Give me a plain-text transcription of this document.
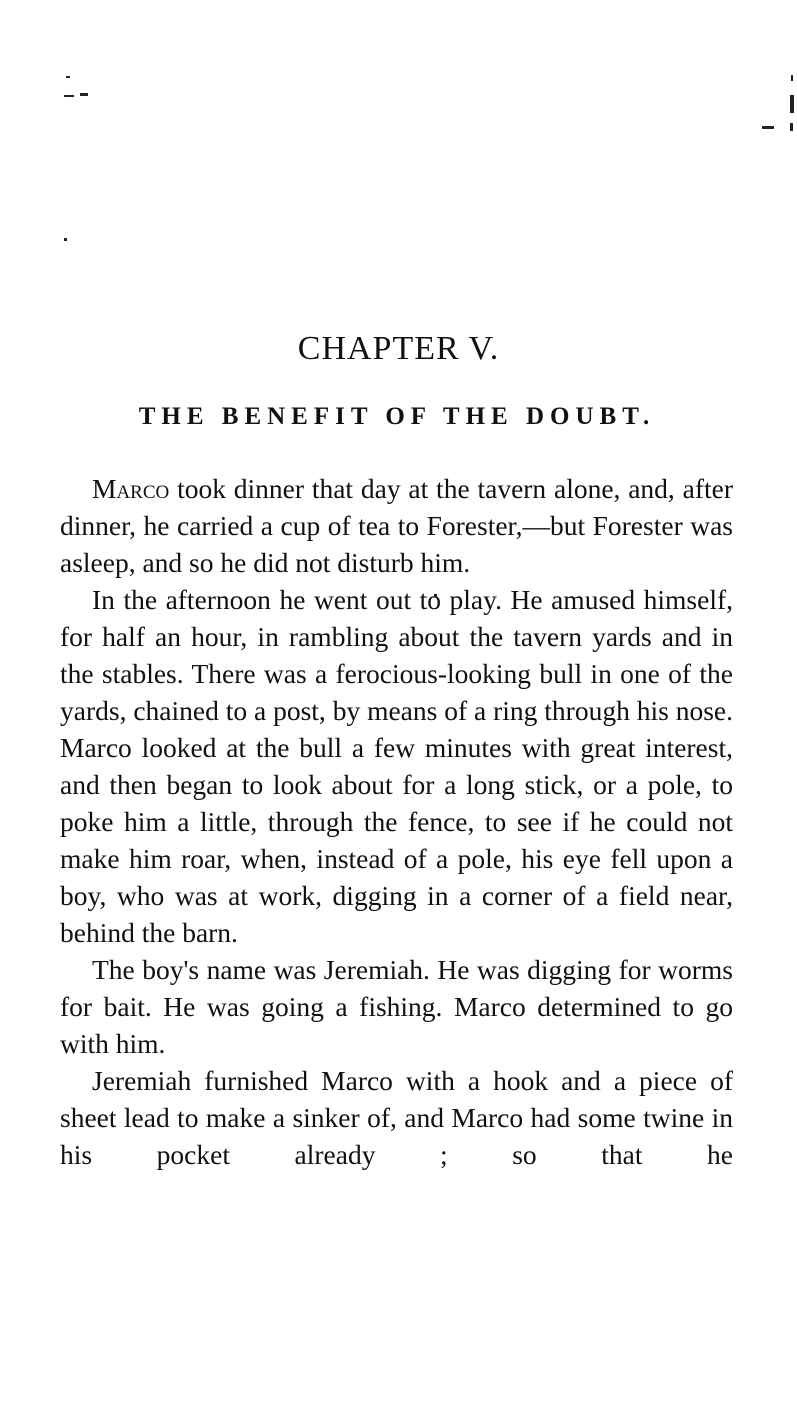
CHAPTER V.
THE BENEFIT OF THE DOUBT.

Marco took dinner that day at the tavern alone, and, after dinner, he carried a cup of tea to Forester,—but Forester was asleep, and so he did not disturb him.

In the afternoon he went out to play. He amused himself, for half an hour, in rambling about the tavern yards and in the stables. There was a ferocious-looking bull in one of the yards, chained to a post, by means of a ring through his nose. Marco looked at the bull a few minutes with great interest, and then began to look about for a long stick, or a pole, to poke him a little, through the fence, to see if he could not make him roar, when, instead of a pole, his eye fell upon a boy, who was at work, digging in a corner of a field near, behind the barn.

The boy's name was Jeremiah. He was digging for worms for bait. He was going a fishing. Marco determined to go with him.

Jeremiah furnished Marco with a hook and a piece of sheet lead to make a sinker of, and Marco had some twine in his pocket already ; so that he
